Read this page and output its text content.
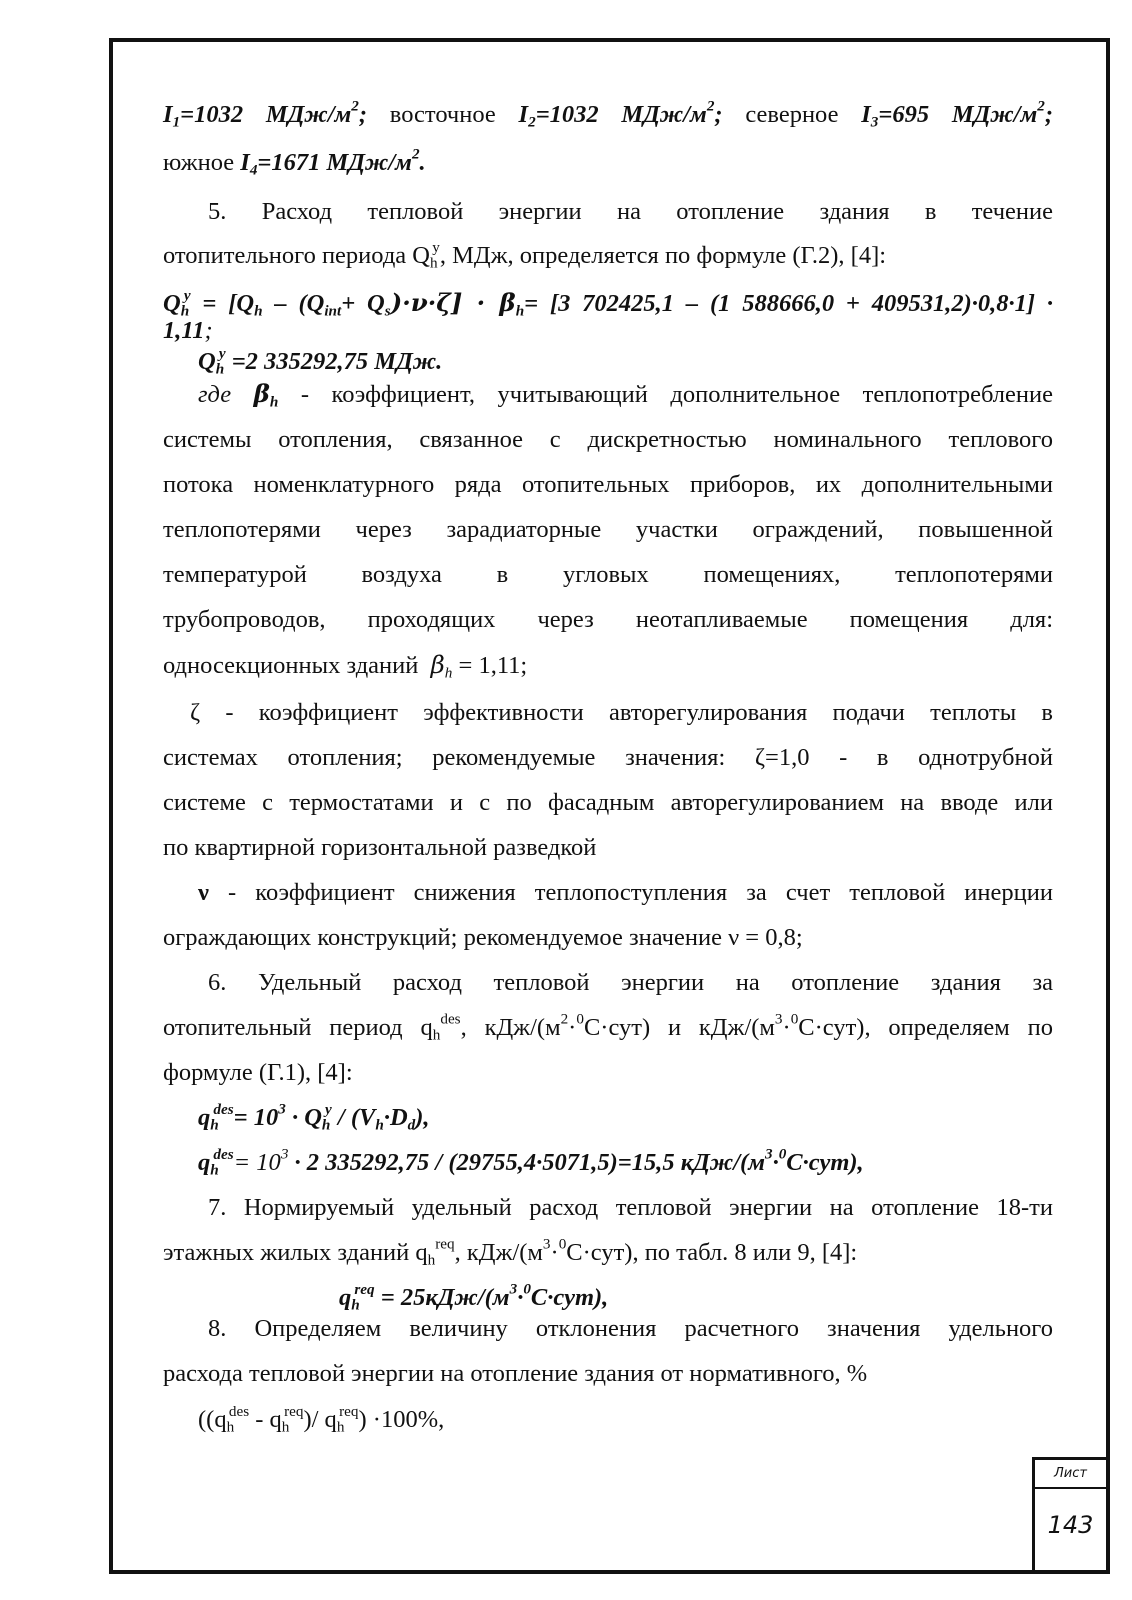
$I_1=1032$ МДж/$м^2$; восточное $I_2=1032$ МДж/$м^2$; северное $I_3=695$ МДж/$м^2$;
южное $I_4=1671$ МДж/$м^2$.
5. Расход тепловой энергии на отопление здания в течение
отопительного периода $Q_h^y$, МДж, определяется по формуле (Г.2), [4]:
$Q_h^y = [Q_h - (Q_{int}+ Q_s)\cdot\nu\cdot\zeta] \cdot \beta_h= [3$ 702425,1 – (1 588666,0 + 409531,2)·0,8·1] ·
1,11;
$Q_h^y =2$ 335292,75 МДж.
где $\beta_h$ - коэффициент, учитывающий дополнительное теплопотребление
системы отопления, связанное с дискретностью номинального теплового
потока номенклатурного ряда отопительных приборов, их дополнительными
теплопотерями через зарадиаторные участки ограждений, повышенной
температурой воздуха в угловых помещениях, теплопотерями
трубопроводов, проходящих через неотапливаемые помещения для:
односекционных зданий $\beta_h = 1,11$;
ζ - коэффициент эффективности авторегулирования подачи теплоты в
системах отопления; рекомендуемые значения: ζ=1,0 - в однотрубной
системе с термостатами и с по фасадным авторегулированием на вводе или
по квартирной горизонтальной разведкой
ν - коэффициент снижения теплопоступления за счет тепловой инерции
ограждающих конструкций; рекомендуемое значение ν = 0,8;
6. Удельный расход тепловой энергии на отопление здания за
отопительный период $q_h^{des}$, кДж/$(м^2\cdot^0С\cdot сут)$ и кДж/$(м^3\cdot^0С\cdot сут)$, определяем по
формуле (Г.1), [4]:
$q_h^{des}= 10^3 \cdot Q_h^y / (V_h\cdot D_d)$,
$q_h^{des}= 10^3 \cdot 2$ 335292,75 / (29755,4·5071,5)=15,5 кДж/$(м^3\cdot^0С\cdot сут)$,
7. Нормируемый удельный расход тепловой энергии на отопление 18-ти
этажных жилых зданий $q_h^{req}$, кДж/$(м^3\cdot^0С\cdot сут)$, по табл. 8 или 9, [4]:
$q_h^{req} = 25кДж/(м^3\cdot^0С\cdot сут)$,
8. Определяем величину отклонения расчетного значения удельного
расхода тепловой энергии на отопление здания от нормативного, %
($(q_h^{des} - q_h^{req})/$ $q_h^{req}) \cdot 100\%$,
Лист
143
